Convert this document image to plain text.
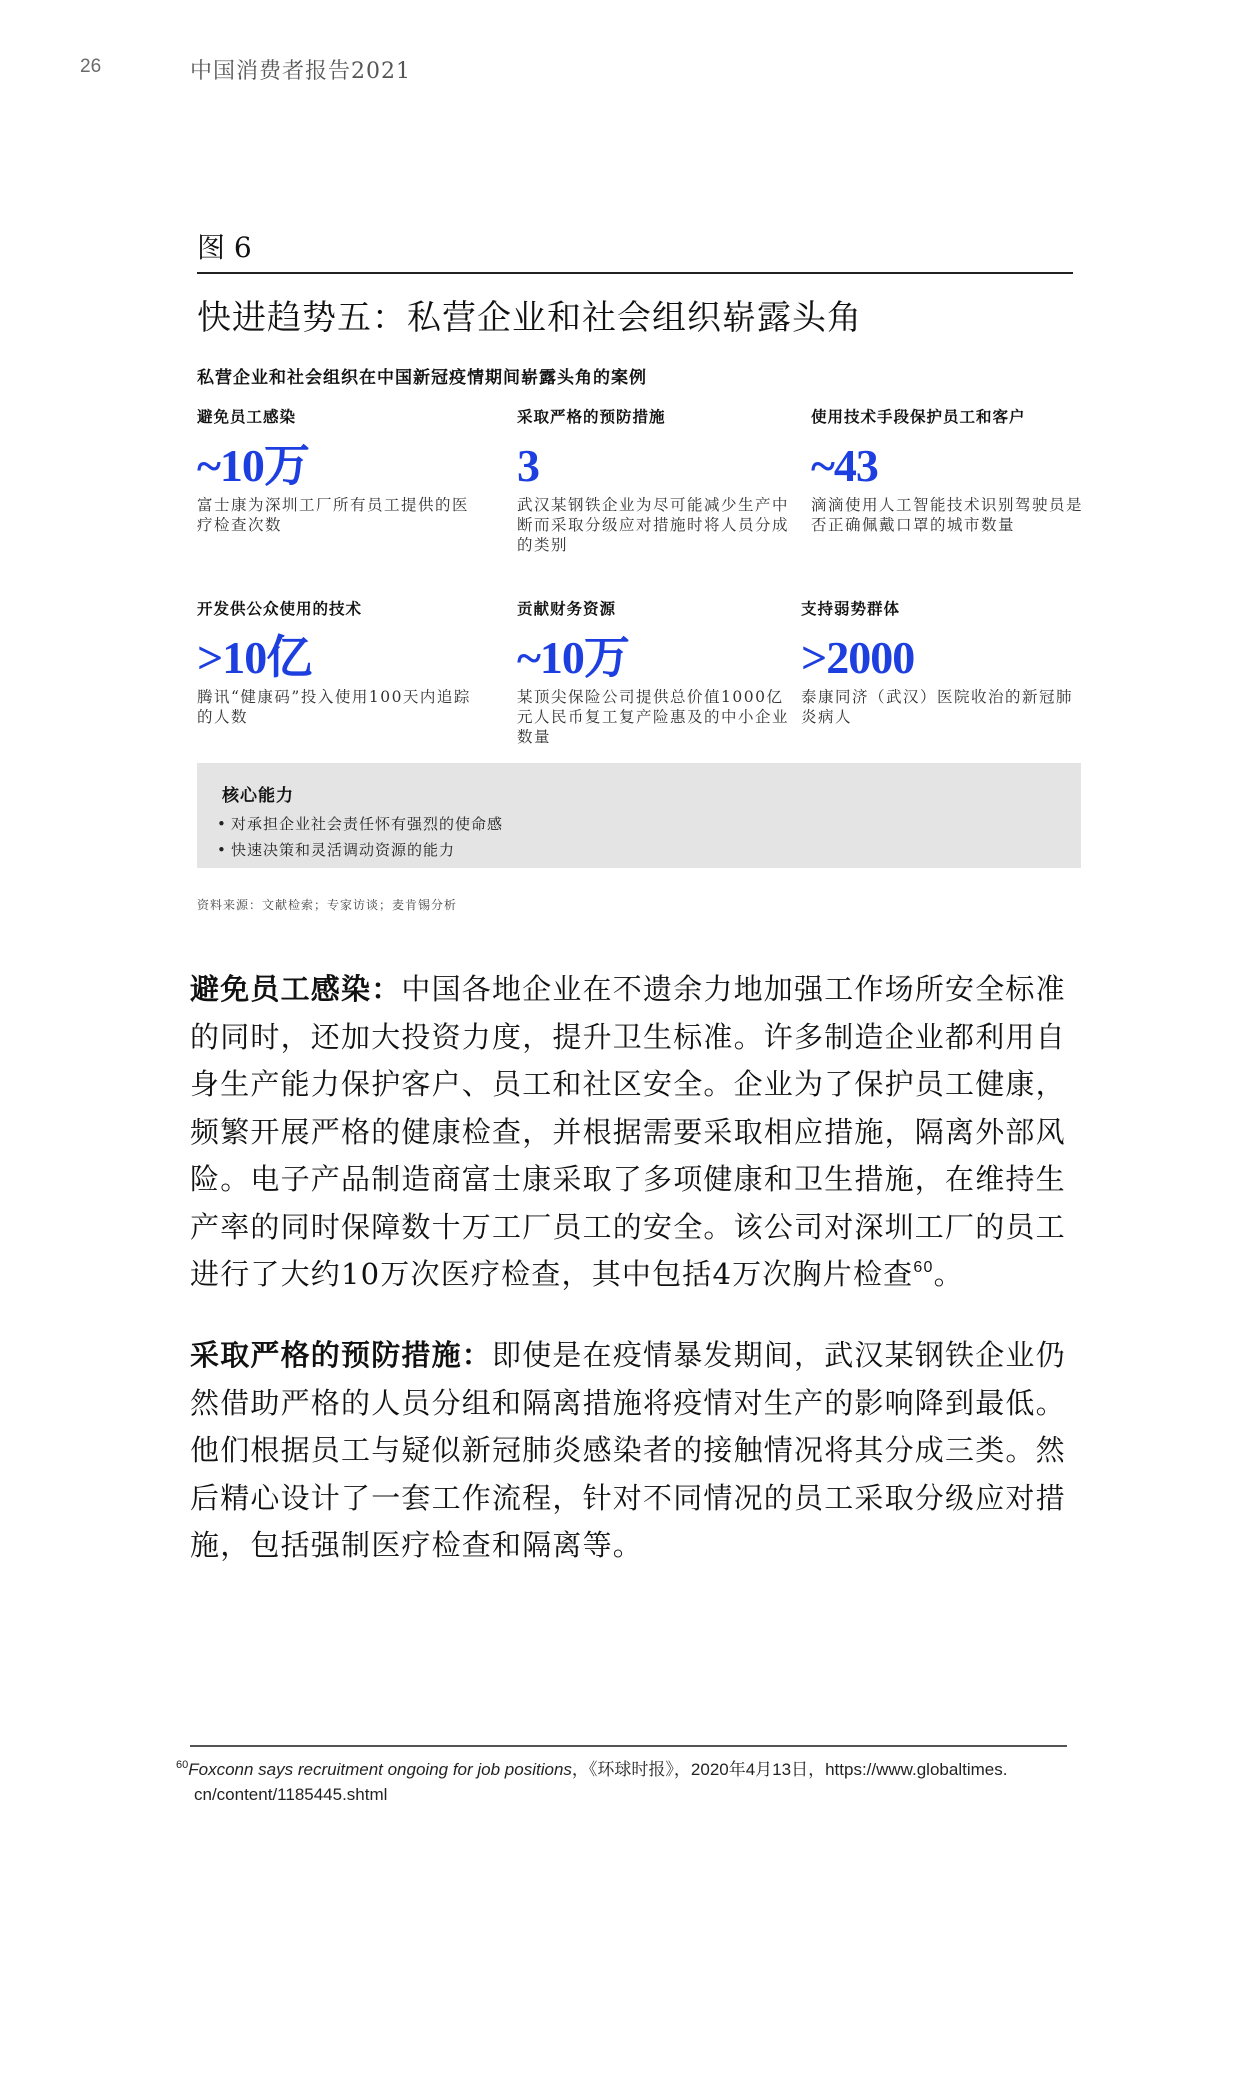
26	中国消费者报告2021
图 6
快进趋势五：私营企业和社会组织崭露头角
私营企业和社会组织在中国新冠疫情期间崭露头角的案例
避免员工感染
~10万
富士康为深圳工厂所有员工提供的医疗检查次数
采取严格的预防措施
3
武汉某钢铁企业为尽可能减少生产中断而采取分级应对措施时将人员分成的类别
使用技术手段保护员工和客户
~43
滴滴使用人工智能技术识别驾驶员是否正确佩戴口罩的城市数量
开发供公众使用的技术
>10亿
腾讯“健康码”投入使用100天内追踪的人数
贡献财务资源
~10万
某顶尖保险公司提供总价值1000亿元人民币复工复产险惠及的中小企业数量
支持弱势群体
>2000
泰康同济（武汉）医院收治的新冠肺炎病人
核心能力
• 对承担企业社会责任怀有强烈的使命感
• 快速决策和灵活调动资源的能力
资料来源：文献检索；专家访谈；麦肯锡分析
避免员工感染：中国各地企业在不遗余力地加强工作场所安全标准的同时，还加大投资力度，提升卫生标准。许多制造企业都利用自身生产能力保护客户、员工和社区安全。企业为了保护员工健康，频繁开展严格的健康检查，并根据需要采取相应措施，隔离外部风险。电子产品制造商富士康采取了多项健康和卫生措施，在维持生产率的同时保障数十万工厂员工的安全。该公司对深圳工厂的员工进行了大约10万次医疗检查，其中包括4万次胸片检查$^{60}$。
采取严格的预防措施：即使是在疫情暴发期间，武汉某钢铁企业仍然借助严格的人员分组和隔离措施将疫情对生产的影响降到最低。他们根据员工与疑似新冠肺炎感染者的接触情况将其分成三类。然后精心设计了一套工作流程，针对不同情况的员工采取分级应对措施，包括强制医疗检查和隔离等。
$^{60}$Foxconn says recruitment ongoing for job positions，《环球时报》，2020年4月13日，https://www.globaltimes.
cn/content/1185445.shtml
